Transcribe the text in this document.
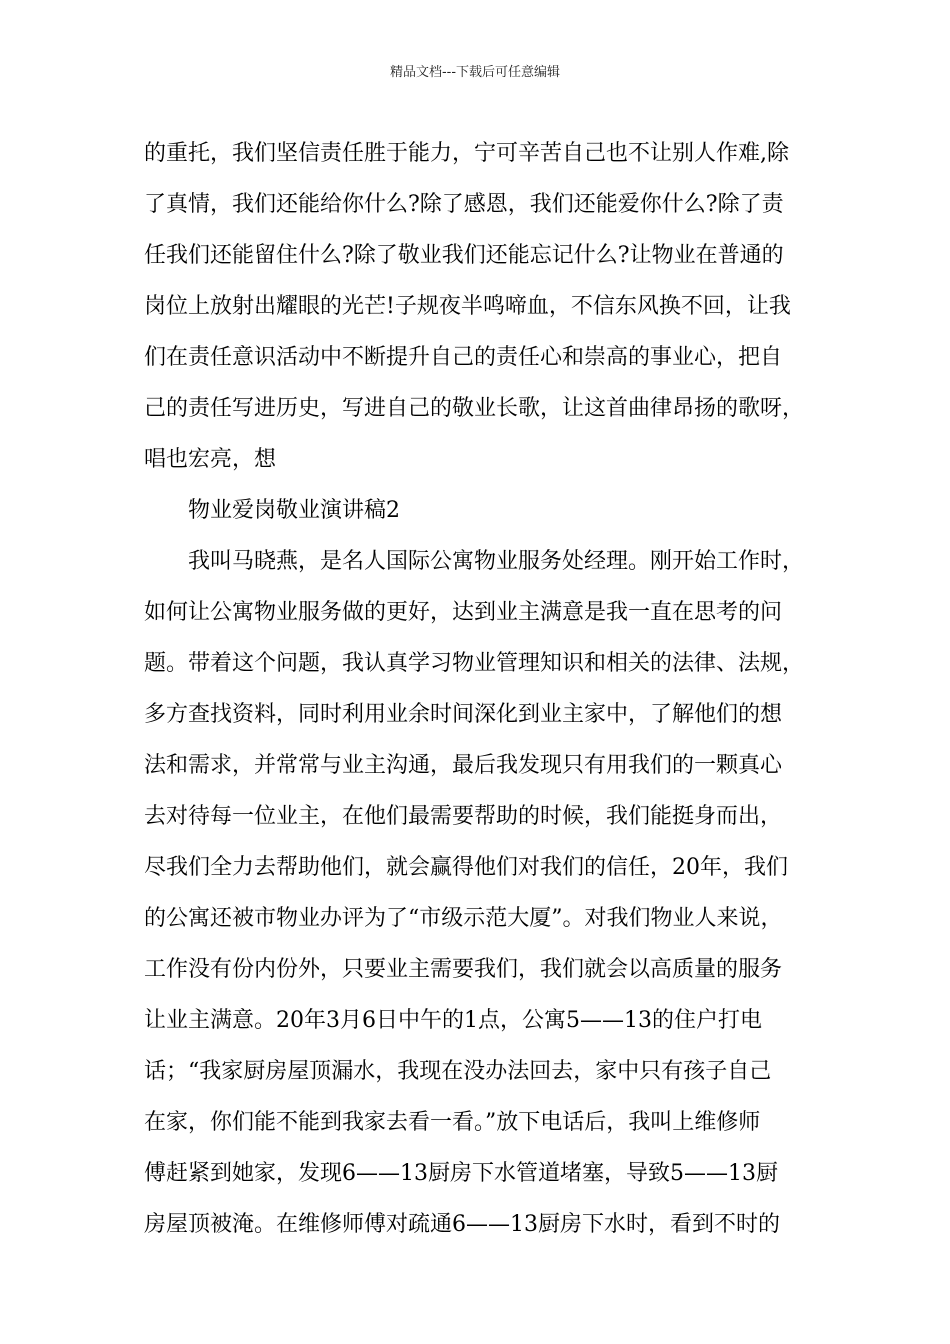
精品文档---下载后可任意编辑
的重托，我们坚信责任胜于能力，宁可辛苦自己也不让别人作难,除
了真情，我们还能给你什么?除了感恩，我们还能爱你什么?除了责
任我们还能留住什么?除了敬业我们还能忘记什么?让物业在普通的
岗位上放射出耀眼的光芒!子规夜半鸣啼血，不信东风换不回，让我
们在责任意识活动中不断提升自己的责任心和崇高的事业心，把自
己的责任写进历史，写进自己的敬业长歌，让这首曲律昂扬的歌呀，
唱也宏亮，想
物业爱岗敬业演讲稿2
我叫马晓燕，是名人国际公寓物业服务处经理。刚开始工作时，
如何让公寓物业服务做的更好，达到业主满意是我一直在思考的问
题。带着这个问题，我认真学习物业管理知识和相关的法律、法规，
多方查找资料，同时利用业余时间深化到业主家中，了解他们的想
法和需求，并常常与业主沟通，最后我发现只有用我们的一颗真心
去对待每一位业主，在他们最需要帮助的时候，我们能挺身而出，
尽我们全力去帮助他们，就会赢得他们对我们的信任，20年，我们
的公寓还被市物业办评为了“市级示范大厦”。对我们物业人来说，
工作没有份内份外，只要业主需要我们，我们就会以高质量的服务
让业主满意。20年3月6日中午的1点，公寓5——13的住户打电
话；“我家厨房屋顶漏水，我现在没办法回去，家中只有孩子自己
在家，你们能不能到我家去看一看。”放下电话后，我叫上维修师
傅赶紧到她家，发现6——13厨房下水管道堵塞，导致5——13厨
房屋顶被淹。在维修师傅对疏通6——13厨房下水时，看到不时的
